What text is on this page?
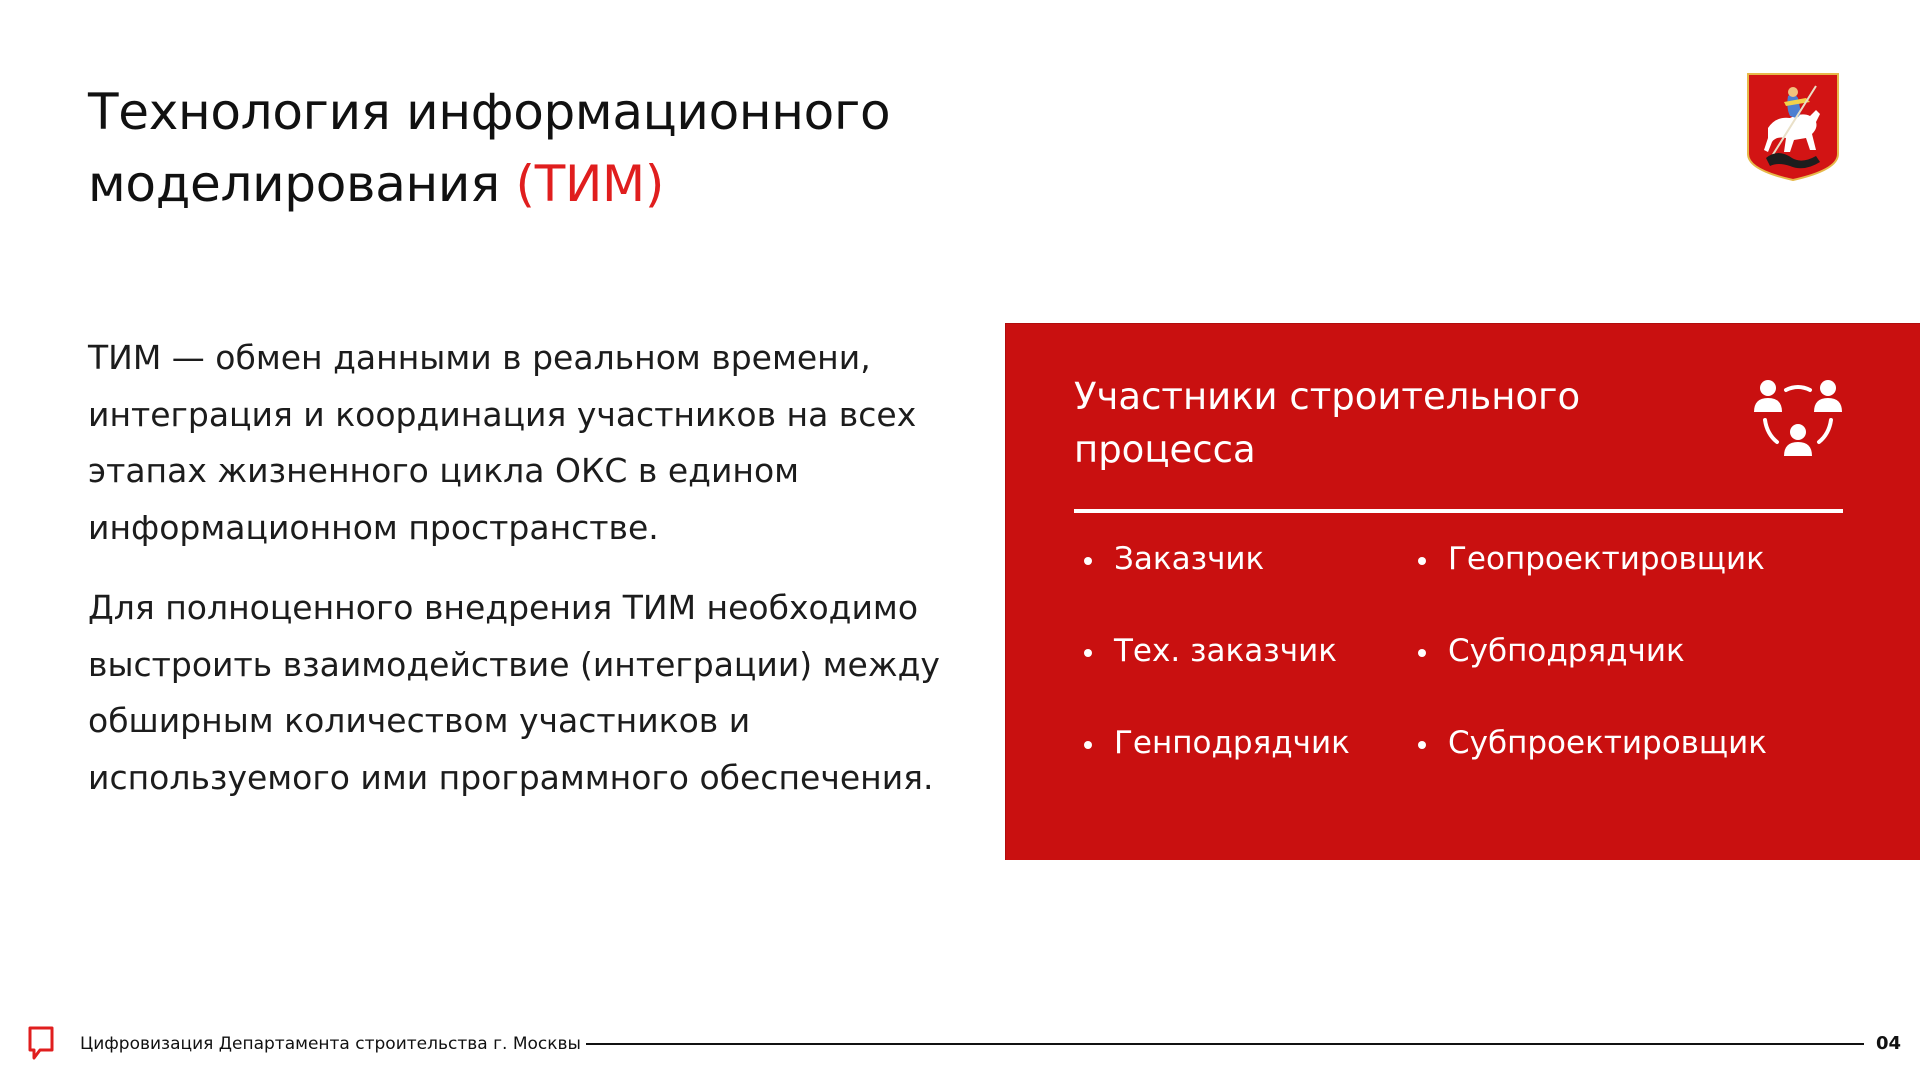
Технология информационного
моделирования (ТИМ)

ТИМ — обмен данными в реальном времени, интеграция и координация участников на всех этапах жизненного цикла ОКС в едином информационном пространстве.

Для полноценного внедрения ТИМ необходимо выстроить взаимодействие (интеграции) между обширным количеством участников и используемого ими программного обеспечения.

Участники строительного процесса
Заказчик
Тех. заказчик
Генподрядчик
Геопроектировщик
Субподрядчик
Субпроектировщик
Цифровизация Департамента строительства г. Москвы	04
